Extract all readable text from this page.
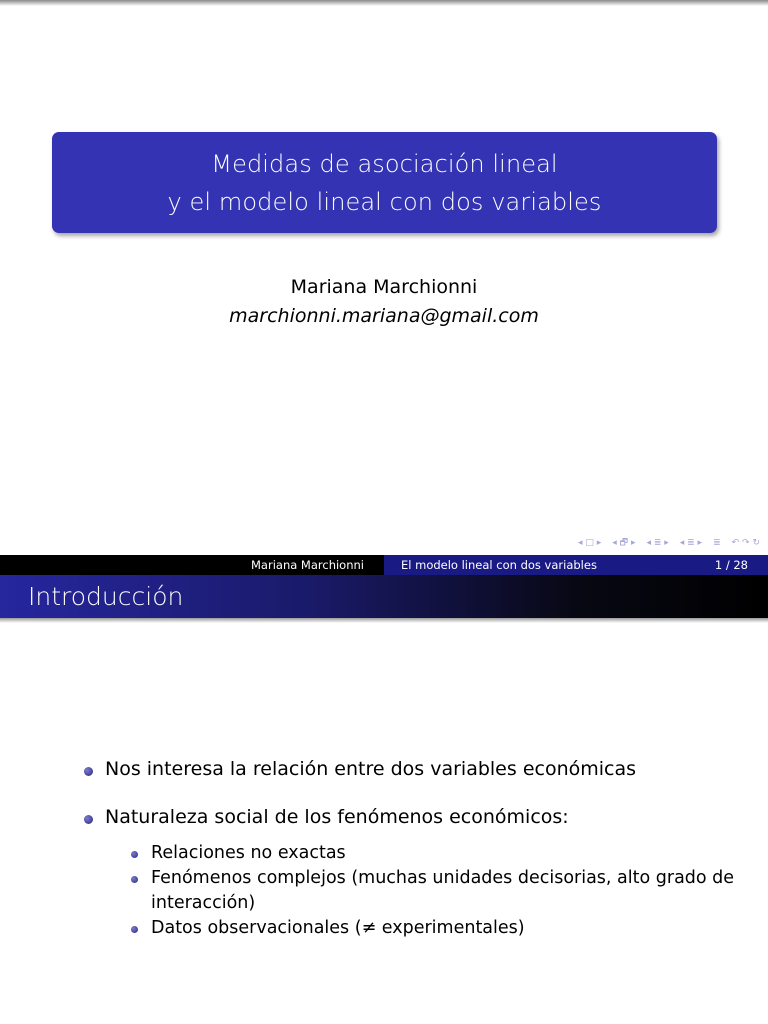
Medidas de asociación lineal
y el modelo lineal con dos variables
Mariana Marchionni
marchionni.mariana@gmail.com
◂ □ ▸ ◂ 🗗 ▸ ◂ ≣ ▸ ◂ ≣ ▸ ≣ ↶ ↷ ↻
Mariana Marchionni	El modelo lineal con dos variables	1 / 28
Introducción
Nos interesa la relación entre dos variables económicas
Naturaleza social de los fenómenos económicos:
Relaciones no exactas
Fenómenos complejos (muchas unidades decisorias, alto grado de interacción)
Datos observacionales (≠ experimentales)
